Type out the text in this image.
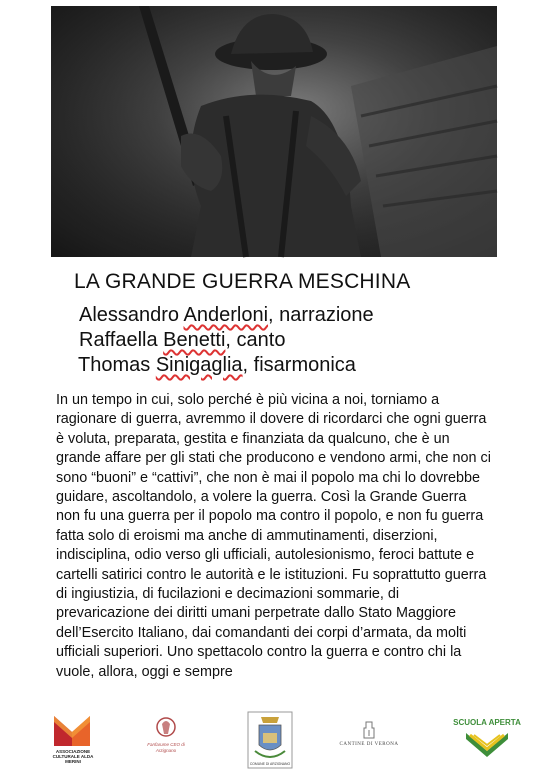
LA GRANDE GUERRA MESCHINA
Alessandro Anderloni, narrazione
Raffaella Benetti, canto
Thomas Sinigaglia, fisarmonica
In un tempo in cui, solo perché è più vicina a noi, torniamo a ragionare di guerra, avremmo il dovere di ricordarci che ogni guerra è voluta, preparata, gestita e finanziata da qualcuno, che è un grande affare per gli stati che producono e vendono armi, che non ci sono “buoni” e “cattivi”, che non è mai il popolo ma chi lo dovrebbe guidare, ascoltandolo, a volere la guerra. Così la Grande Guerra non fu una guerra per il popolo ma contro il popolo, e non fu guerra fatta solo di eroismi ma anche di ammutinamenti, diserzioni, indisciplina, odio verso gli ufficiali, autolesionismo, feroci battute e cartelli satirici contro le autorità e le istituzioni. Fu soprattutto guerra di ingiustizia, di fucilazioni e decimazioni sommarie, di prevaricazione dei diritti umani perpetrate dallo Stato Maggiore dell’Esercito Italiano, dai comandanti dei corpi d’armata, da molti ufficiali superiori. Uno spettacolo contro la guerra e contro chi la vuole, allora, oggi e sempre
ASSOCIAZIONE CULTURALE ALDA MERINI
Fanfarume CEO di Arzignano
COMUNE DI ARZIGNANO
CANTINE DI VERONA
SCUOLA APERTA
